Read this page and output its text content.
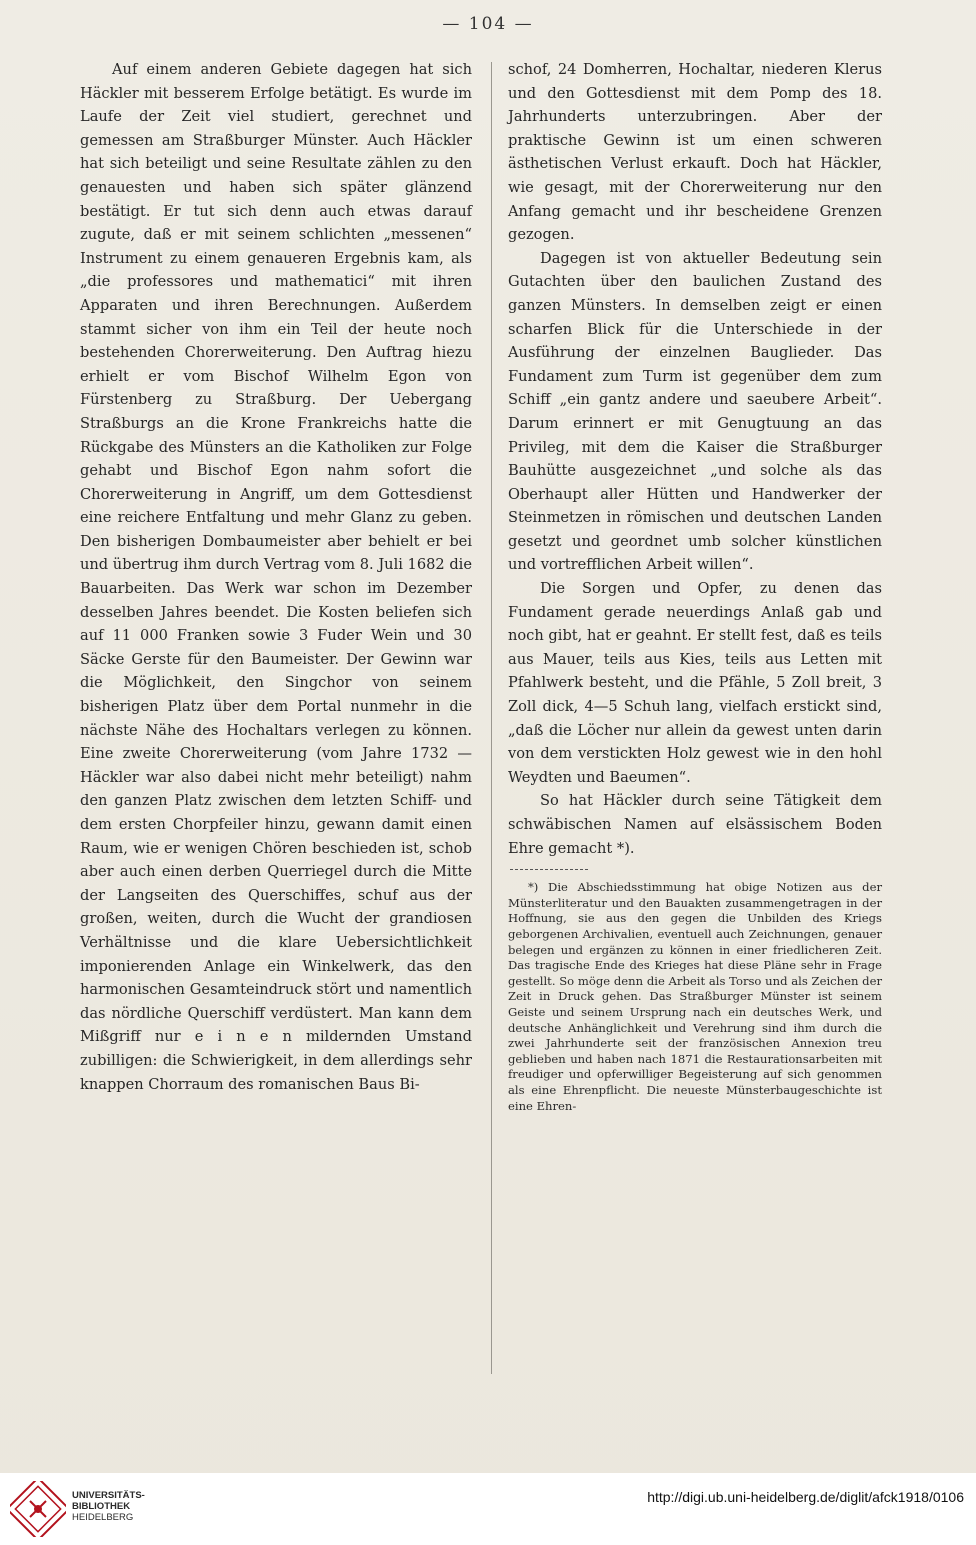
— 104 —

Auf einem anderen Gebiete dagegen hat sich Häckler mit besserem Erfolge betätigt. Es wurde im Laufe der Zeit viel studiert, gerechnet und gemessen am Straßburger Münster. Auch Häckler hat sich beteiligt und seine Resultate zählen zu den genauesten und haben sich später glänzend bestätigt. Er tut sich denn auch etwas darauf zugute, daß er mit seinem schlichten „messenen“ Instrument zu einem genaueren Ergebnis kam, als „die professores und mathematici“ mit ihren Apparaten und ihren Berechnungen. Außerdem stammt sicher von ihm ein Teil der heute noch bestehenden Chorerweiterung. Den Auftrag hiezu erhielt er vom Bischof Wilhelm Egon von Fürstenberg zu Straßburg. Der Uebergang Straßburgs an die Krone Frankreichs hatte die Rückgabe des Münsters an die Katholiken zur Folge gehabt und Bischof Egon nahm sofort die Chorerweiterung in Angriff, um dem Gottesdienst eine reichere Entfaltung und mehr Glanz zu geben. Den bisherigen Dombaumeister aber behielt er bei und übertrug ihm durch Vertrag vom 8. Juli 1682 die Bauarbeiten. Das Werk war schon im Dezember desselben Jahres beendet. Die Kosten beliefen sich auf 11 000 Franken sowie 3 Fuder Wein und 30 Säcke Gerste für den Baumeister. Der Gewinn war die Möglichkeit, den Singchor von seinem bisherigen Platz über dem Portal nunmehr in die nächste Nähe des Hochaltars verlegen zu können. Eine zweite Chorerweiterung (vom Jahre 1732 — Häckler war also dabei nicht mehr beteiligt) nahm den ganzen Platz zwischen dem letzten Schiff- und dem ersten Chorpfeiler hinzu, gewann damit einen Raum, wie er wenigen Chören beschieden ist, schob aber auch einen derben Querriegel durch die Mitte der Langseiten des Querschiffes, schuf aus der großen, weiten, durch die Wucht der grandiosen Verhältnisse und die klare Uebersichtlichkeit imponierenden Anlage ein Winkelwerk, das den harmonischen Gesamteindruck stört und namentlich das nördliche Querschiff verdüstert. Man kann dem Mißgriff nur e i n e n mildernden Umstand zubilligen: die Schwierigkeit, in dem allerdings sehr knappen Chorraum des romanischen Baus Bi-

schof, 24 Domherren, Hochaltar, niederen Klerus und den Gottesdienst mit dem Pomp des 18. Jahrhunderts unterzubringen. Aber der praktische Gewinn ist um einen schweren ästhetischen Verlust erkauft. Doch hat Häckler, wie gesagt, mit der Chorerweiterung nur den Anfang gemacht und ihr bescheidene Grenzen gezogen.

Dagegen ist von aktueller Bedeutung sein Gutachten über den baulichen Zustand des ganzen Münsters. In demselben zeigt er einen scharfen Blick für die Unterschiede in der Ausführung der einzelnen Bauglieder. Das Fundament zum Turm ist gegenüber dem zum Schiff „ein gantz andere und saeubere Arbeit“. Darum erinnert er mit Genugtuung an das Privileg, mit dem die Kaiser die Straßburger Bauhütte ausgezeichnet „und solche als das Oberhaupt aller Hütten und Handwerker der Steinmetzen in römischen und deutschen Landen gesetzt und geordnet umb solcher künstlichen und vortrefflichen Arbeit willen“.

Die Sorgen und Opfer, zu denen das Fundament gerade neuerdings Anlaß gab und noch gibt, hat er geahnt. Er stellt fest, daß es teils aus Mauer, teils aus Kies, teils aus Letten mit Pfahlwerk besteht, und die Pfähle, 5 Zoll breit, 3 Zoll dick, 4—5 Schuh lang, vielfach erstickt sind, „daß die Löcher nur allein da gewest unten darin von dem verstickten Holz gewest wie in den hohl Weydten und Baeumen“.

So hat Häckler durch seine Tätigkeit dem schwäbischen Namen auf elsässischem Boden Ehre gemacht *).

*) Die Abschiedsstimmung hat obige Notizen aus der Münsterliteratur und den Bauakten zusammengetragen in der Hoffnung, sie aus den gegen die Unbilden des Kriegs geborgenen Archivalien, eventuell auch Zeichnungen, genauer belegen und ergänzen zu können in einer friedlicheren Zeit. Das tragische Ende des Krieges hat diese Pläne sehr in Frage gestellt. So möge denn die Arbeit als Torso und als Zeichen der Zeit in Druck gehen. Das Straßburger Münster ist seinem Geiste und seinem Ursprung nach ein deutsches Werk, und deutsche Anhänglichkeit und Verehrung sind ihm durch die zwei Jahrhunderte seit der französischen Annexion treu geblieben und haben nach 1871 die Restaurationsarbeiten mit freudiger und opferwilliger Begeisterung auf sich genommen als eine Ehrenpflicht. Die neueste Münsterbaugeschichte ist eine Ehren-
UNIVERSITÄTS-
BIBLIOTHEK
HEIDELBERG
http://digi.ub.uni-heidelberg.de/diglit/afck1918/0106
